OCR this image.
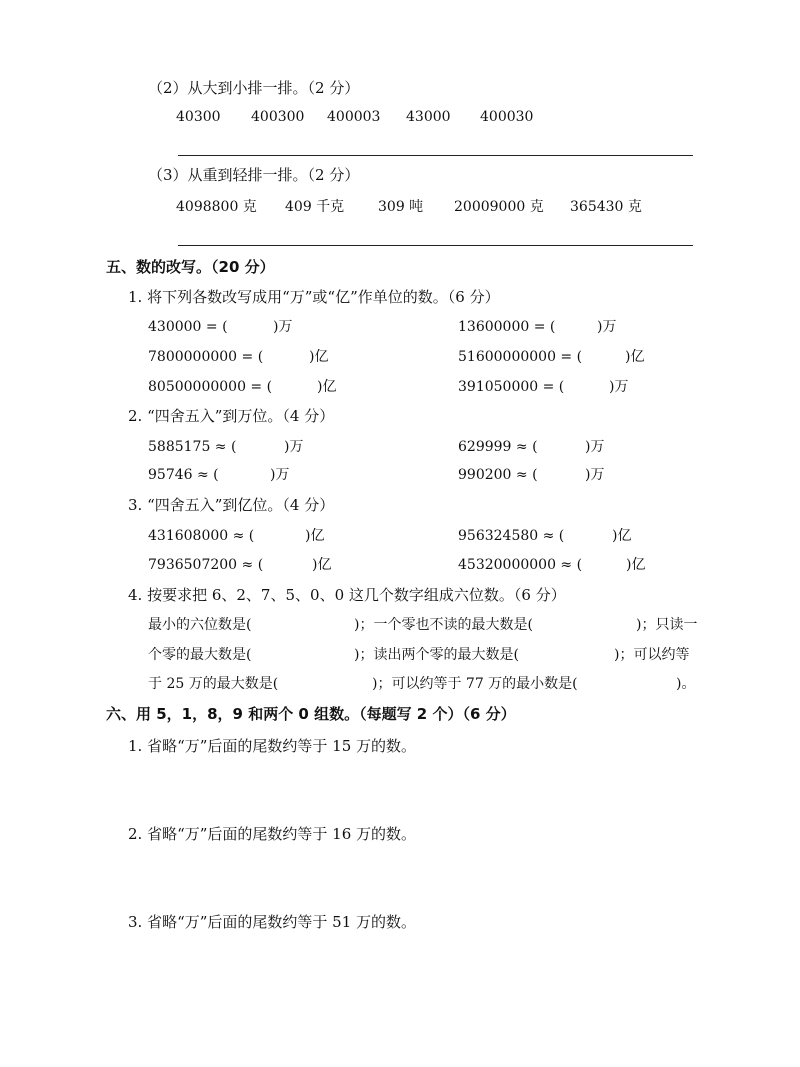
（2）从大到小排一排。（2 分）
40300 400300 400003 43000 400030
（3）从重到轻排一排。（2 分）
4098800 克 409 千克 309 吨 20009000 克 365430 克
五、数的改写。（20 分）
1. 将下列各数改写成用“万”或“亿”作单位的数。（6 分）
430000 = (	)万	13600000 = (	)万
7800000000 = (	)亿	51600000000 = (	)亿
80500000000 = (	)亿	391050000 = (	)万
2. “四舍五入”到万位。（4 分）
5885175 ≈ (	)万	629999 ≈ (	)万
95746 ≈ (	)万	990200 ≈ (	)万
3. “四舍五入”到亿位。（4 分）
431608000 ≈ (	)亿	956324580 ≈ (	)亿
7936507200 ≈ (	)亿	45320000000 ≈ (	)亿
4. 按要求把 6、2、7、5、0、0 这几个数字组成六位数。（6 分）
最小的六位数是(	)；一个零也不读的最大数是(	)；只读一
个零的最大数是(	)；读出两个零的最大数是(	)；可以约等
于 25 万的最大数是(	)；可以约等于 77 万的最小数是(	)。
六、用 5，1，8，9 和两个 0 组数。（每题写 2 个）（6 分）
1. 省略“万”后面的尾数约等于 15 万的数。
2. 省略“万”后面的尾数约等于 16 万的数。
3. 省略“万”后面的尾数约等于 51 万的数。
